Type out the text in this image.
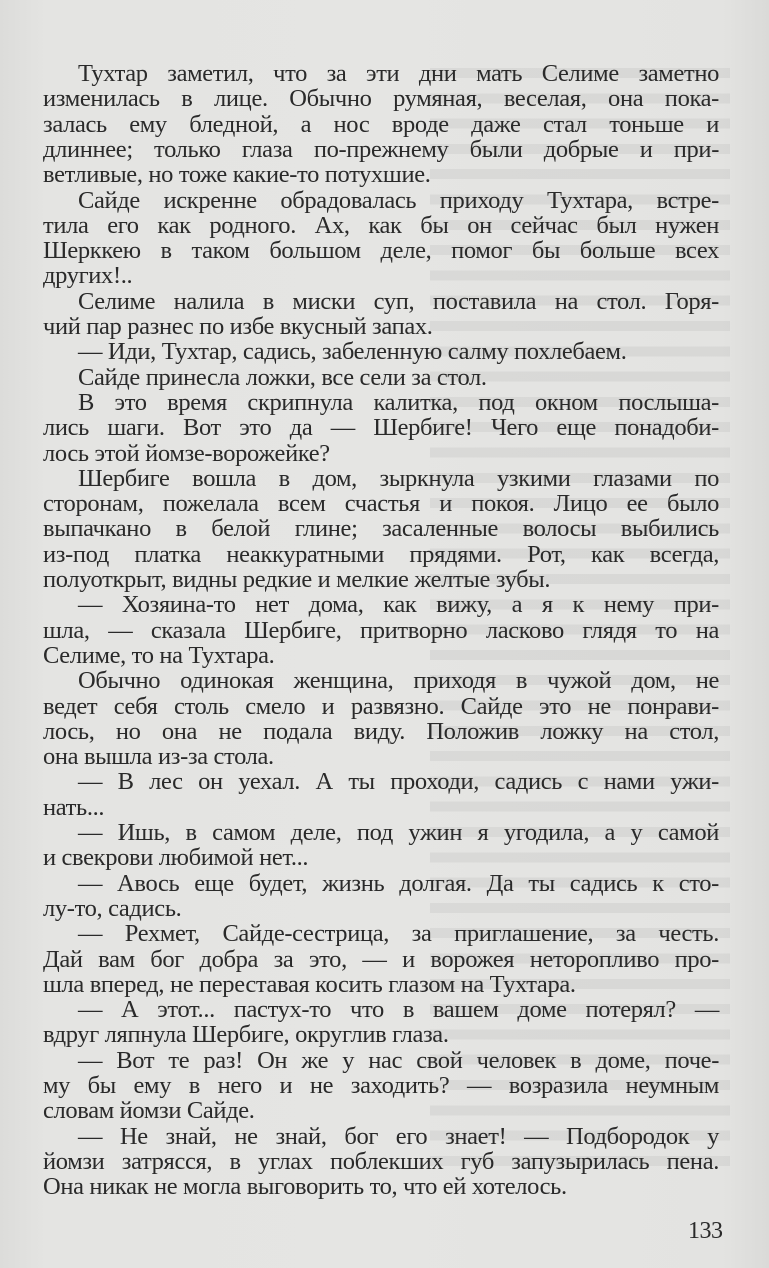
Тухтар заметил, что за эти дни мать Селиме заметно
изменилась в лице. Обычно румяная, веселая, она пока-
залась ему бледной, а нос вроде даже стал тоньше и
длиннее; только глаза по-прежнему были добрые и при-
ветливые, но тоже какие-то потухшие.
Сайде искренне обрадовалась приходу Тухтара, встре-
тила его как родного. Ах, как бы он сейчас был нужен
Шерккею в таком большом деле, помог бы больше всех
других!..
Селиме налила в миски суп, поставила на стол. Горя-
чий пар разнес по избе вкусный запах.
— Иди, Тухтар, садись, забеленную салму похлебаем.
Сайде принесла ложки, все сели за стол.
В это время скрипнула калитка, под окном послыша-
лись шаги. Вот это да — Шербиге! Чего еще понадоби-
лось этой йомзе-ворожейке?
Шербиге вошла в дом, зыркнула узкими глазами по
сторонам, пожелала всем счастья и покоя. Лицо ее было
выпачкано в белой глине; засаленные волосы выбились
из-под платка неаккуратными прядями. Рот, как всегда,
полуоткрыт, видны редкие и мелкие желтые зубы.
— Хозяина-то нет дома, как вижу, а я к нему при-
шла, — сказала Шербиге, притворно ласково глядя то на
Селиме, то на Тухтара.
Обычно одинокая женщина, приходя в чужой дом, не
ведет себя столь смело и развязно. Сайде это не понрави-
лось, но она не подала виду. Положив ложку на стол,
она вышла из-за стола.
— В лес он уехал. А ты проходи, садись с нами ужи-
нать...
— Ишь, в самом деле, под ужин я угодила, а у самой
и свекрови любимой нет...
— Авось еще будет, жизнь долгая. Да ты садись к сто-
лу-то, садись.
— Рехмет, Сайде-сестрица, за приглашение, за честь.
Дай вам бог добра за это, — и ворожея неторопливо про-
шла вперед, не переставая косить глазом на Тухтара.
— А этот... пастух-то что в вашем доме потерял? —
вдруг ляпнула Шербиге, округлив глаза.
— Вот те раз! Он же у нас свой человек в доме, поче-
му бы ему в него и не заходить? — возразила неумным
словам йомзи Сайде.
— Не знай, не знай, бог его знает! — Подбородок у
йомзи затрясся, в углах поблекших губ запузырилась пена.
Она никак не могла выговорить то, что ей хотелось.
133
